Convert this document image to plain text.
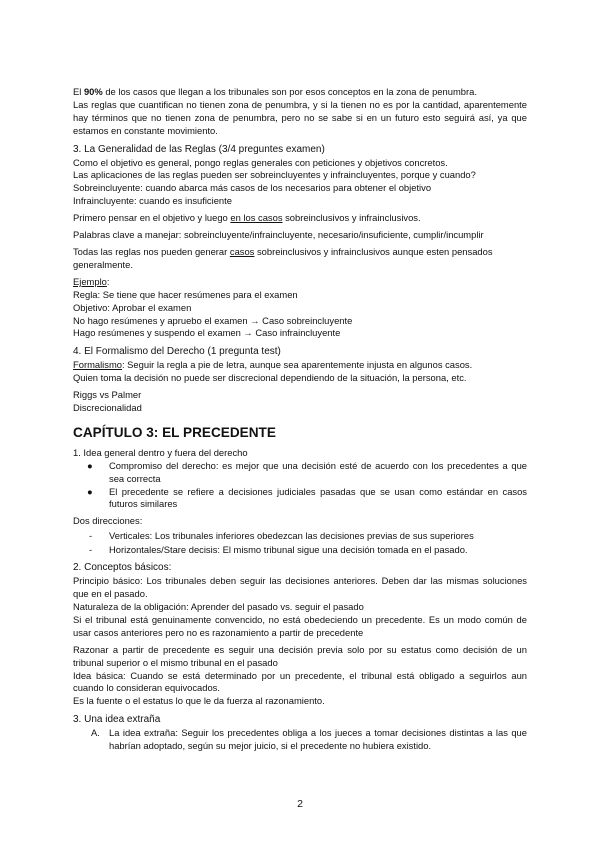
El 90% de los casos que llegan a los tribunales son por esos conceptos en la zona de penumbra.

Las reglas que cuantifican no tienen zona de penumbra, y si la tienen no es por la cantidad, aparentemente hay términos que no tienen zona de penumbra, pero no se sabe si en un futuro esto seguirá así, ya que estamos en constante movimiento.

3. La Generalidad de las Reglas (3/4 preguntes examen)

Como el objetivo es general, pongo reglas generales con peticiones y objetivos concretos.

Las aplicaciones de las reglas pueden ser sobreincluyentes y infraincluyentes, porque y cuando?

Sobreincluyente: cuando abarca más casos de los necesarios para obtener el objetivo

Infraincluyente: cuando es insuficiente

Primero pensar en el objetivo y luego en los casos sobreinclusivos y infrainclusivos.

Palabras clave a manejar: sobreincluyente/infraincluyente, necesario/insuficiente, cumplir/incumplir

Todas las reglas nos pueden generar casos sobreinclusivos y infrainclusivos aunque esten pensados generalmente.

Ejemplo:

Regla: Se tiene que hacer resúmenes para el examen

Objetivo: Aprobar el examen

No hago resúmenes y apruebo el examen → Caso sobreincluyente

Hago resúmenes y suspendo el examen → Caso infraincluyente

4. El Formalismo del Derecho (1 pregunta test)

Formalismo: Seguir la regla a pie de letra, aunque sea aparentemente injusta en algunos casos.

Quien toma la decisión no puede ser discrecional dependiendo de la situación, la persona, etc.

Riggs vs Palmer

Discrecionalidad

CAPÍTULO 3: EL PRECEDENTE

1. Idea general dentro y fuera del derecho

● Compromiso del derecho: es mejor que una decisión esté de acuerdo con los precedentes a que sea correcta
● El precedente se refiere a decisiones judiciales pasadas que se usan como estándar en casos futuros similares

Dos direcciones:

- Verticales: Los tribunales inferiores obedezcan las decisiones previas de sus superiores
- Horizontales/Stare decisis: El mismo tribunal sigue una decisión tomada en el pasado.

2. Conceptos básicos:

Principio básico: Los tribunales deben seguir las decisiones anteriores. Deben dar las mismas soluciones que en el pasado.

Naturaleza de la obligación: Aprender del pasado vs. seguir el pasado

Si el tribunal está genuinamente convencido, no está obedeciendo un precedente. Es un modo común de usar casos anteriores pero no es razonamiento a partir de precedente

Razonar a partir de precedente es seguir una decisión previa solo por su estatus como decisión de un tribunal superior o el mismo tribunal en el pasado

Idea básica: Cuando se está determinado por un precedente, el tribunal está obligado a seguirlos aun cuando lo consideran equivocados.

Es la fuente o el estatus lo que le da fuerza al razonamiento.

3. Una idea extraña

A. La idea extraña: Seguir los precedentes obliga a los jueces a tomar decisiones distintas a las que habrían adoptado, según su mejor juicio, si el precedente no hubiera existido.

2
